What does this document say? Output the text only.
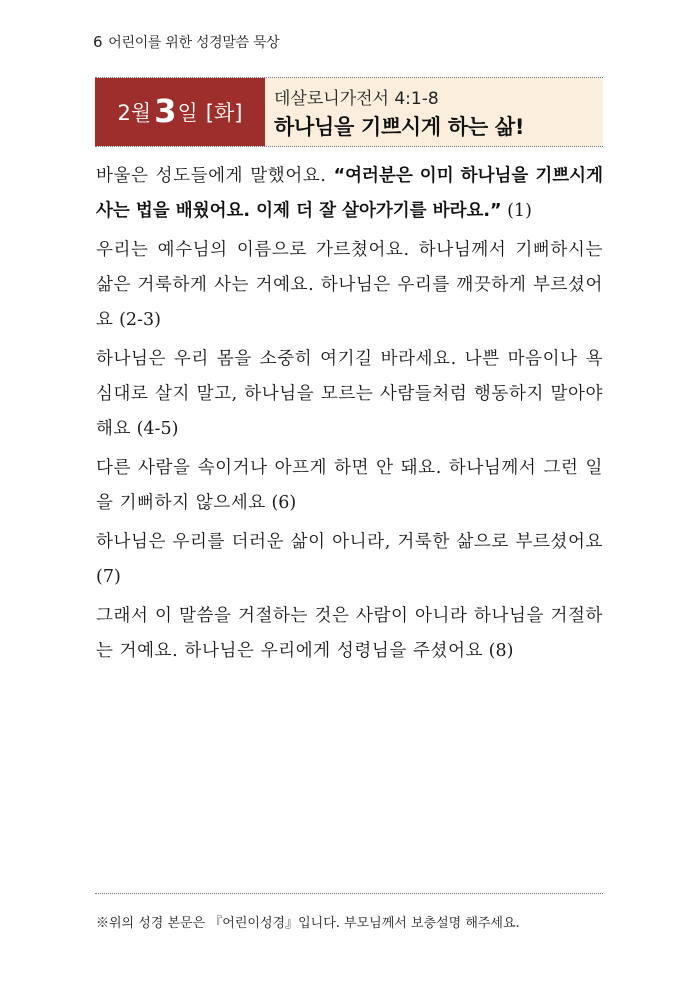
6 어린이를 위한 성경말씀 묵상
2월 3 일 [화]
데살로니가전서 4:1-8
하나님을 기쁘시게 하는 삶!

바울은 성도들에게 말했어요. “여러분은 이미 하나님을 기쁘시게 사는 법을 배웠어요. 이제 더 잘 살아가기를 바라요.” (1)

우리는 예수님의 이름으로 가르쳤어요. 하나님께서 기뻐하시는 삶은 거룩하게 사는 거예요. 하나님은 우리를 깨끗하게 부르셨어요 (2-3)

하나님은 우리 몸을 소중히 여기길 바라세요. 나쁜 마음이나 욕심대로 살지 말고, 하나님을 모르는 사람들처럼 행동하지 말아야 해요 (4-5)

다른 사람을 속이거나 아프게 하면 안 돼요. 하나님께서 그런 일을 기뻐하지 않으세요 (6)

하나님은 우리를 더러운 삶이 아니라, 거룩한 삶으로 부르셨어요 (7)

그래서 이 말씀을 거절하는 것은 사람이 아니라 하나님을 거절하는 거예요. 하나님은 우리에게 성령님을 주셨어요 (8)

※위의 성경 본문은 『어린이성경』입니다. 부모님께서 보충설명 해주세요.
